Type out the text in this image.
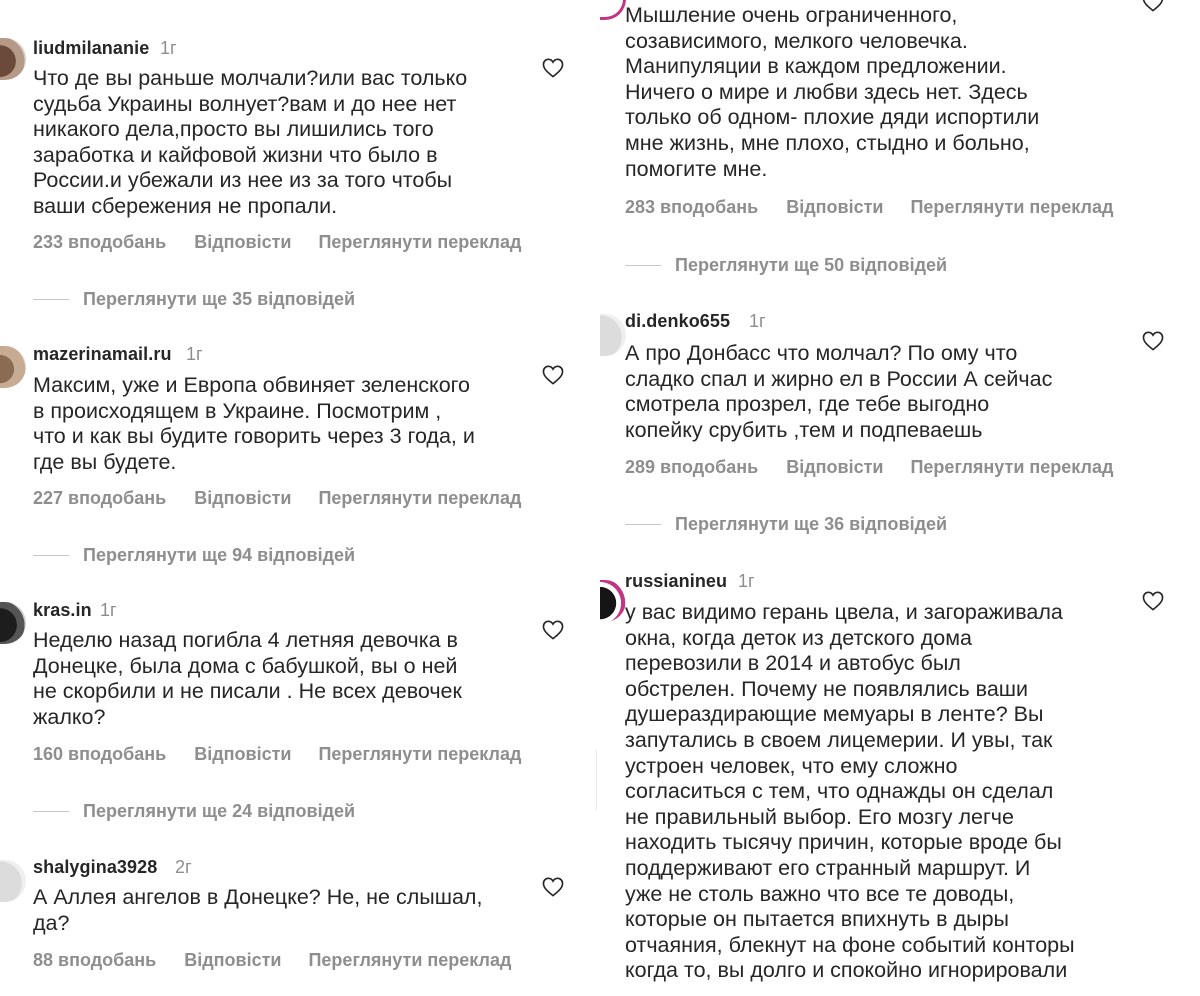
liudmilananie 1г
Что де вы раньше молчали?или вас только
судьба Украины волнует?вам и до нее нет
никакого дела,просто вы лишились того
заработка и кайфовой жизни что было в
России.и убежали из нее из за того чтобы
ваши сбережения не пропали.
233 вподобань Відповісти Переглянути переклад
Переглянути ще 35 відповідей
mazerinamail.ru 1г
Максим, уже и Европа обвиняет зеленского
в происходящем в Украине. Посмотрим ,
что и как вы будите говорить через 3 года, и
где вы будете.
227 вподобань Відповісти Переглянути переклад
Переглянути ще 94 відповідей
kras.in 1г
Неделю назад погибла 4 летняя девочка в
Донецке, была дома с бабушкой, вы о ней
не скорбили и не писали . Не всех девочек
жалко?
160 вподобань Відповісти Переглянути переклад
Переглянути ще 24 відповідей
shalygina3928 2г
А Аллея ангелов в Донецке? Не, не слышал,
да?
88 вподобань Відповісти Переглянути переклад
Мышление очень ограниченного,
созависимого, мелкого человечка.
Манипуляции в каждом предложении.
Ничего о мире и любви здесь нет. Здесь
только об одном- плохие дяди испортили
мне жизнь, мне плохо, стыдно и больно,
помогите мне.
283 вподобань Відповісти Переглянути переклад
Переглянути ще 50 відповідей
di.denko655 1г
А про Донбасс что молчал? По ому что
сладко спал и жирно ел в России А сейчас
смотрела прозрел, где тебе выгодно
копейку срубить ,тем и подпеваешь
289 вподобань Відповісти Переглянути переклад
Переглянути ще 36 відповідей
russianineu 1г
у вас видимо герань цвела, и загораживала
окна, когда деток из детского дома
перевозили в 2014 и автобус был
обстрелен. Почему не появлялись ваши
душераздирающие мемуары в ленте? Вы
запутались в своем лицемерии. И увы, так
устроен человек, что ему сложно
согласиться с тем, что однажды он сделал
не правильный выбор. Его мозгу легче
находить тысячу причин, которые вроде бы
поддерживают его странный маршрут. И
уже не столь важно что все те доводы,
которые он пытается впихнуть в дыры
отчаяния, блекнут на фоне событий конторы
когда то, вы долго и спокойно игнорировали
